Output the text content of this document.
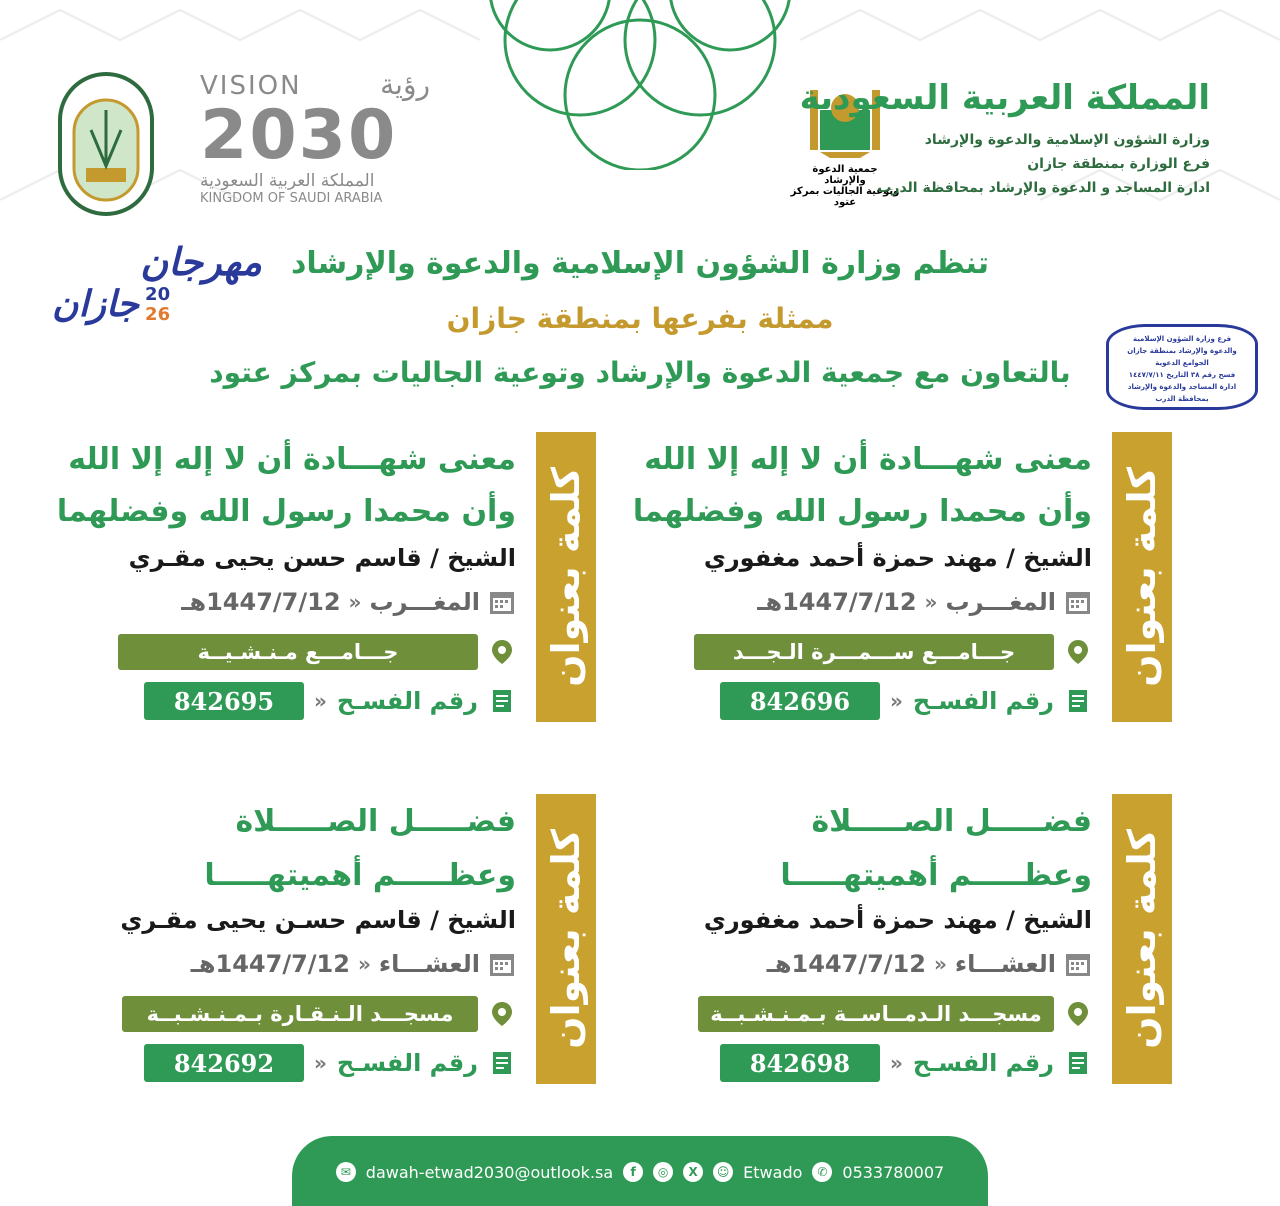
VISION	رؤية
2030
المملكة العربية السعودية
KINGDOM OF SAUDI ARABIA
جمعية الدعوة والإرشاد
وتوعية الجاليات بمركز عتود
المملكة العربية السعودية
وزارة الشؤون الإسلامية والدعوة والإرشاد
فرع الوزارة بمنطقة جازان
ادارة المساجد و الدعوة والإرشاد بمحافظة الدرب
مهرجان
جازان 20
26
تنظم وزارة الشؤون الإسلامية والدعوة والإرشاد
ممثلة بفرعها بمنطقة جازان
بالتعاون مع جمعية الدعوة والإرشاد وتوعية الجاليات بمركز عتود
فرع وزارة الشؤون الإسلامية
والدعوة والإرشاد بمنطقة جازان
الجوامع الدعوية
فسح رقم ٣٨ التاريخ ١٤٤٧/٧/١١
ادارة المساجد والدعوة والإرشاد
بمحافظة الدرب
كلمة بعنوان
معنى شهـــادة أن لا إله إلا الله
وأن محمدا رسول الله وفضلهما
الشيخ / مهند حمزة أحمد مغفوري
المغـــرب
«
1447/7/12هـ
جـــامـــع ســـمـــرة الـجـــد
رقم الفسـح
«
842696
كلمة بعنوان
معنى شهـــادة أن لا إله إلا الله
وأن محمدا رسول الله وفضلهما
الشيخ / قاسم حسن يحيى مقـري
المغـــرب
«
1447/7/12هـ
جـــامـــع مـنـشـيــة
رقم الفسـح
«
842695
كلمة بعنوان
فضـــــل الصـــــلاة
وعظـــــم أهميتهـــــا
الشيخ / مهند حمزة أحمد مغفوري
العشـــاء
«
1447/7/12هـ
مسجـــد الـدمــاســة بـمـنـشـبــة
رقم الفسـح
«
842698
كلمة بعنوان
فضـــــل الصـــــلاة
وعظـــــم أهميتهـــــا
الشيخ / قاسم حسـن يحيى مقـري
العشـــاء
«
1447/7/12هـ
مسجـــد الـنـقـارة بـمـنـشـبــة
رقم الفسـح
«
842692
✉ dawah-etwad2030@outlook.sa	f	◎	X	☺ Etwado	✆ 0533780007
